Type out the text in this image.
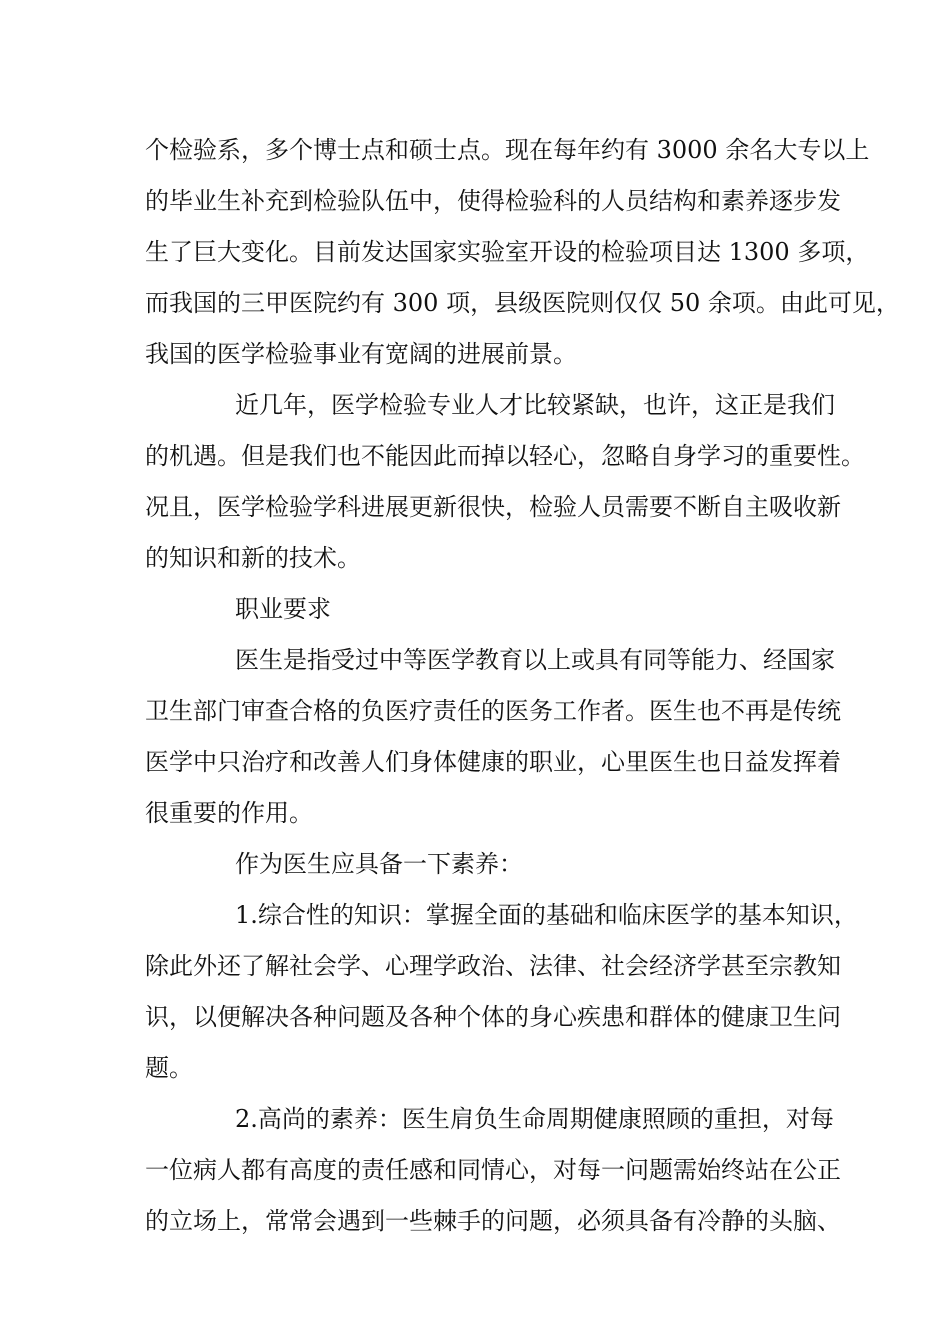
个检验系，多个博士点和硕士点。现在每年约有 3000 余名大专以上
的毕业生补充到检验队伍中，使得检验科的人员结构和素养逐步发
生了巨大变化。目前发达国家实验室开设的检验项目达 1300 多项，
而我国的三甲医院约有 300 项，县级医院则仅仅 50 余项。由此可见，
我国的医学检验事业有宽阔的进展前景。
近几年，医学检验专业人才比较紧缺，也许，这正是我们
的机遇。但是我们也不能因此而掉以轻心，忽略自身学习的重要性。
况且，医学检验学科进展更新很快，检验人员需要不断自主吸收新
的知识和新的技术。
职业要求
医生是指受过中等医学教育以上或具有同等能力、经国家
卫生部门审查合格的负医疗责任的医务工作者。医生也不再是传统
医学中只治疗和改善人们身体健康的职业，心里医生也日益发挥着
很重要的作用。
作为医生应具备一下素养：
1.综合性的知识：掌握全面的基础和临床医学的基本知识，
除此外还了解社会学、心理学政治、法律、社会经济学甚至宗教知
识，以便解决各种问题及各种个体的身心疾患和群体的健康卫生问
题。
2.高尚的素养：医生肩负生命周期健康照顾的重担，对每
一位病人都有高度的责任感和同情心，对每一问题需始终站在公正
的立场上，常常会遇到一些棘手的问题，必须具备有冷静的头脑、
